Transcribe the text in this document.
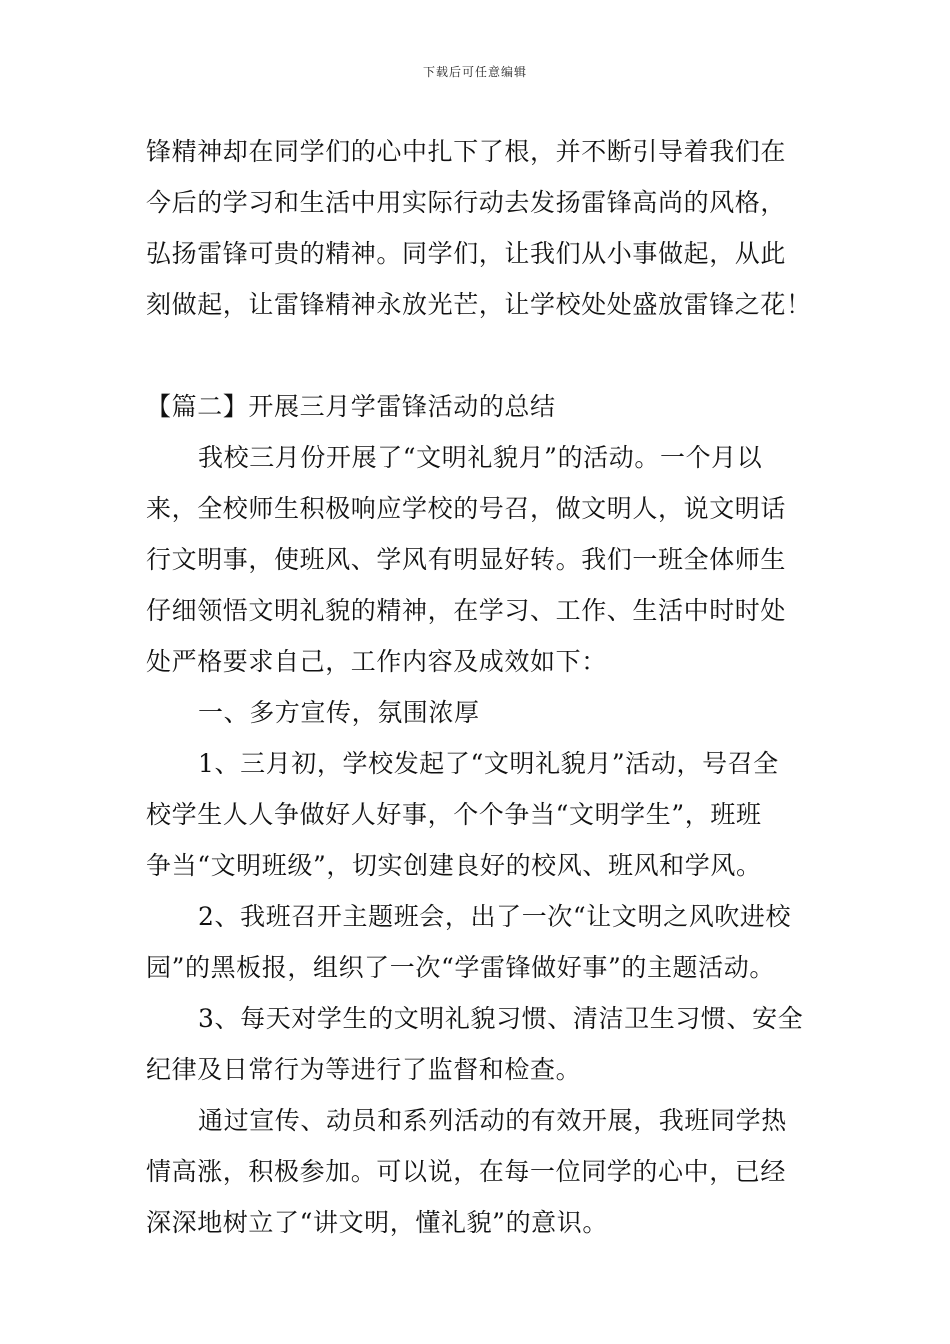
下载后可任意编辑
锋精神却在同学们的心中扎下了根，并不断引导着我们在
今后的学习和生活中用实际行动去发扬雷锋高尚的风格，
弘扬雷锋可贵的精神。同学们，让我们从小事做起，从此
刻做起，让雷锋精神永放光芒，让学校处处盛放雷锋之花！
【篇二】开展三月学雷锋活动的总结
我校三月份开展了“文明礼貌月”的活动。一个月以
来，全校师生积极响应学校的号召，做文明人，说文明话
行文明事，使班风、学风有明显好转。我们一班全体师生
仔细领悟文明礼貌的精神，在学习、工作、生活中时时处
处严格要求自己，工作内容及成效如下：
一、多方宣传，氛围浓厚
1、三月初，学校发起了“文明礼貌月”活动，号召全
校学生人人争做好人好事，个个争当“文明学生”，班班
争当“文明班级”，切实创建良好的校风、班风和学风。
2、我班召开主题班会，出了一次“让文明之风吹进校
园”的黑板报，组织了一次“学雷锋做好事”的主题活动。
3、每天对学生的文明礼貌习惯、清洁卫生习惯、安全
纪律及日常行为等进行了监督和检查。
通过宣传、动员和系列活动的有效开展，我班同学热
情高涨，积极参加。可以说，在每一位同学的心中，已经
深深地树立了“讲文明，懂礼貌”的意识。
